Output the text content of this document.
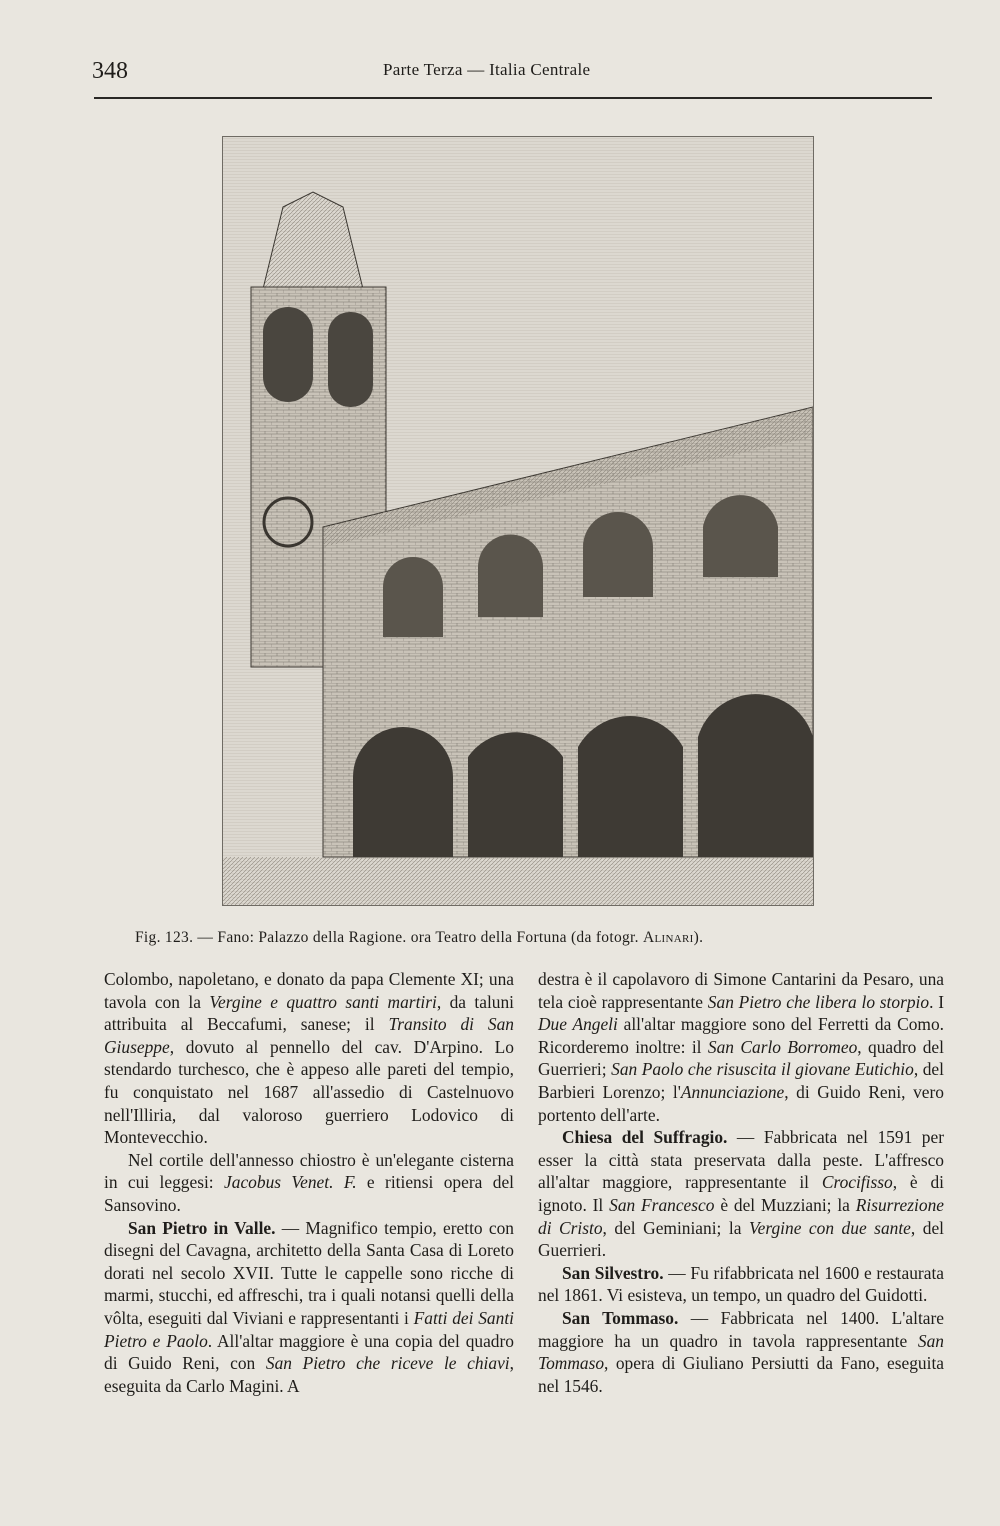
348	Parte Terza — Italia Centrale
Fig. 123. — Fano: Palazzo della Ragione. ora Teatro della Fortuna (da fotogr. Alinari).

Colombo, napoletano, e donato da papa Clemente XI; una tavola con la Vergine e quattro santi martiri, da taluni attribuita al Beccafumi, sanese; il Transito di San Giuseppe, dovuto al pennello del cav. D'Arpino. Lo stendardo turchesco, che è appeso alle pareti del tempio, fu conquistato nel 1687 all'assedio di Castelnuovo nell'Illiria, dal valoroso guerriero Lodovico di Montevecchio.

Nel cortile dell'annesso chiostro è un'elegante cisterna in cui leggesi: Jacobus Venet. F. e ritiensi opera del Sansovino.

San Pietro in Valle. — Magnifico tempio, eretto con disegni del Cavagna, architetto della Santa Casa di Loreto dorati nel secolo XVII. Tutte le cappelle sono ricche di marmi, stucchi, ed affreschi, tra i quali notansi quelli della vôlta, eseguiti dal Viviani e rappresentanti i Fatti dei Santi Pietro e Paolo. All'altar maggiore è una copia del quadro di Guido Reni, con San Pietro che riceve le chiavi, eseguita da Carlo Magini. A

destra è il capolavoro di Simone Cantarini da Pesaro, una tela cioè rappresentante San Pietro che libera lo storpio. I Due Angeli all'altar maggiore sono del Ferretti da Como. Ricorderemo inoltre: il San Carlo Borromeo, quadro del Guerrieri; San Paolo che risuscita il giovane Eutichio, del Barbieri Lorenzo; l'Annunciazione, di Guido Reni, vero portento dell'arte.

Chiesa del Suffragio. — Fabbricata nel 1591 per esser la città stata preservata dalla peste. L'affresco all'altar maggiore, rappresentante il Crocifisso, è di ignoto. Il San Francesco è del Muzziani; la Risurrezione di Cristo, del Geminiani; la Vergine con due sante, del Guerrieri.

San Silvestro. — Fu rifabbricata nel 1600 e restaurata nel 1861. Vi esisteva, un tempo, un quadro del Guidotti.

San Tommaso. — Fabbricata nel 1400. L'altare maggiore ha un quadro in tavola rappresentante San Tommaso, opera di Giuliano Persiutti da Fano, eseguita nel 1546.
